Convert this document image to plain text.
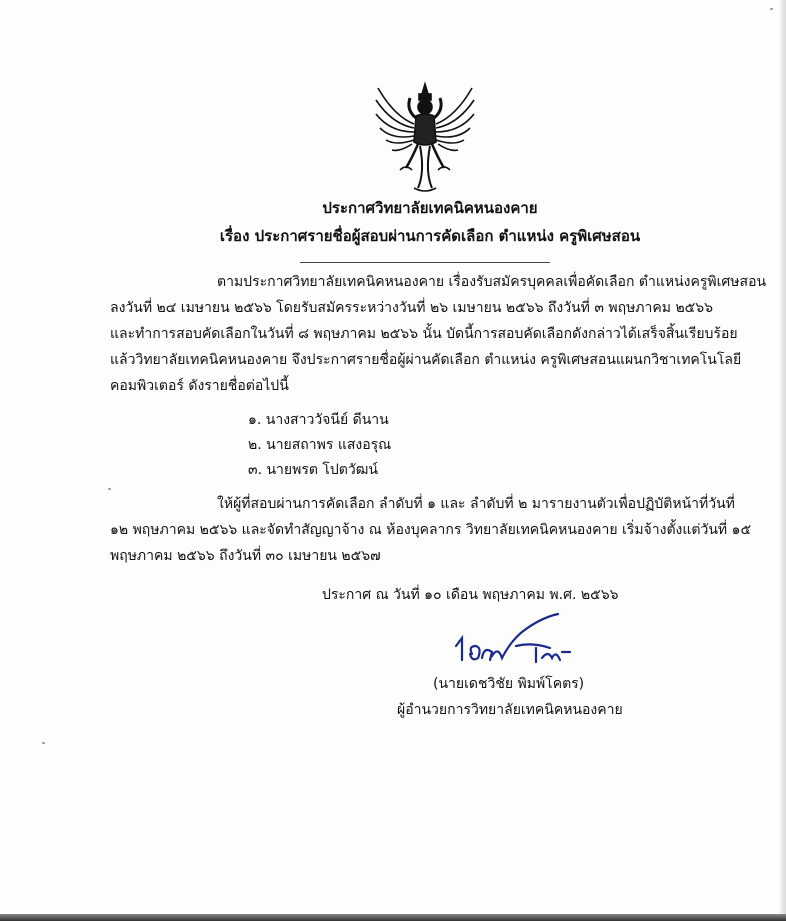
ประกาศวิทยาลัยเทคนิคหนองคาย
เรื่อง ประกาศรายชื่อผู้สอบผ่านการคัดเลือก ตำแหน่ง ครูพิเศษสอน
ตามประกาศวิทยาลัยเทคนิคหนองคาย เรื่องรับสมัครบุคคลเพื่อคัดเลือก ตำแหน่งครูพิเศษสอน
ลงวันที่ ๒๔ เมษายน ๒๕๖๖ โดยรับสมัครระหว่างวันที่ ๒๖ เมษายน ๒๕๖๖ ถึงวันที่ ๓ พฤษภาคม ๒๕๖๖
และทำการสอบคัดเลือกในวันที่ ๘ พฤษภาคม ๒๕๖๖ นั้น บัดนี้การสอบคัดเลือกดังกล่าวได้เสร็จสิ้นเรียบร้อย
แล้ววิทยาลัยเทคนิคหนองคาย จึงประกาศรายชื่อผู้ผ่านคัดเลือก ตำแหน่ง ครูพิเศษสอนแผนกวิชาเทคโนโลยี
คอมพิวเตอร์ ดังรายชื่อต่อไปนี้
๑. นางสาววัจนีย์ ดีนาน
๒. นายสถาพร แสงอรุณ
๓. นายพรต โปตวัฒน์
ให้ผู้ที่สอบผ่านการคัดเลือก ลำดับที่ ๑ และ ลำดับที่ ๒ มารายงานตัวเพื่อปฏิบัติหน้าที่วันที่
๑๒ พฤษภาคม ๒๕๖๖ และจัดทำสัญญาจ้าง ณ ห้องบุคลากร วิทยาลัยเทคนิคหนองคาย เริ่มจ้างตั้งแต่วันที่ ๑๕
พฤษภาคม ๒๕๖๖ ถึงวันที่ ๓๐ เมษายน ๒๕๖๗
ประกาศ ณ วันที่ ๑๐ เดือน พฤษภาคม พ.ศ. ๒๕๖๖
(นายเดชวิชัย พิมพ์โคตร)
ผู้อำนวยการวิทยาลัยเทคนิคหนองคาย
